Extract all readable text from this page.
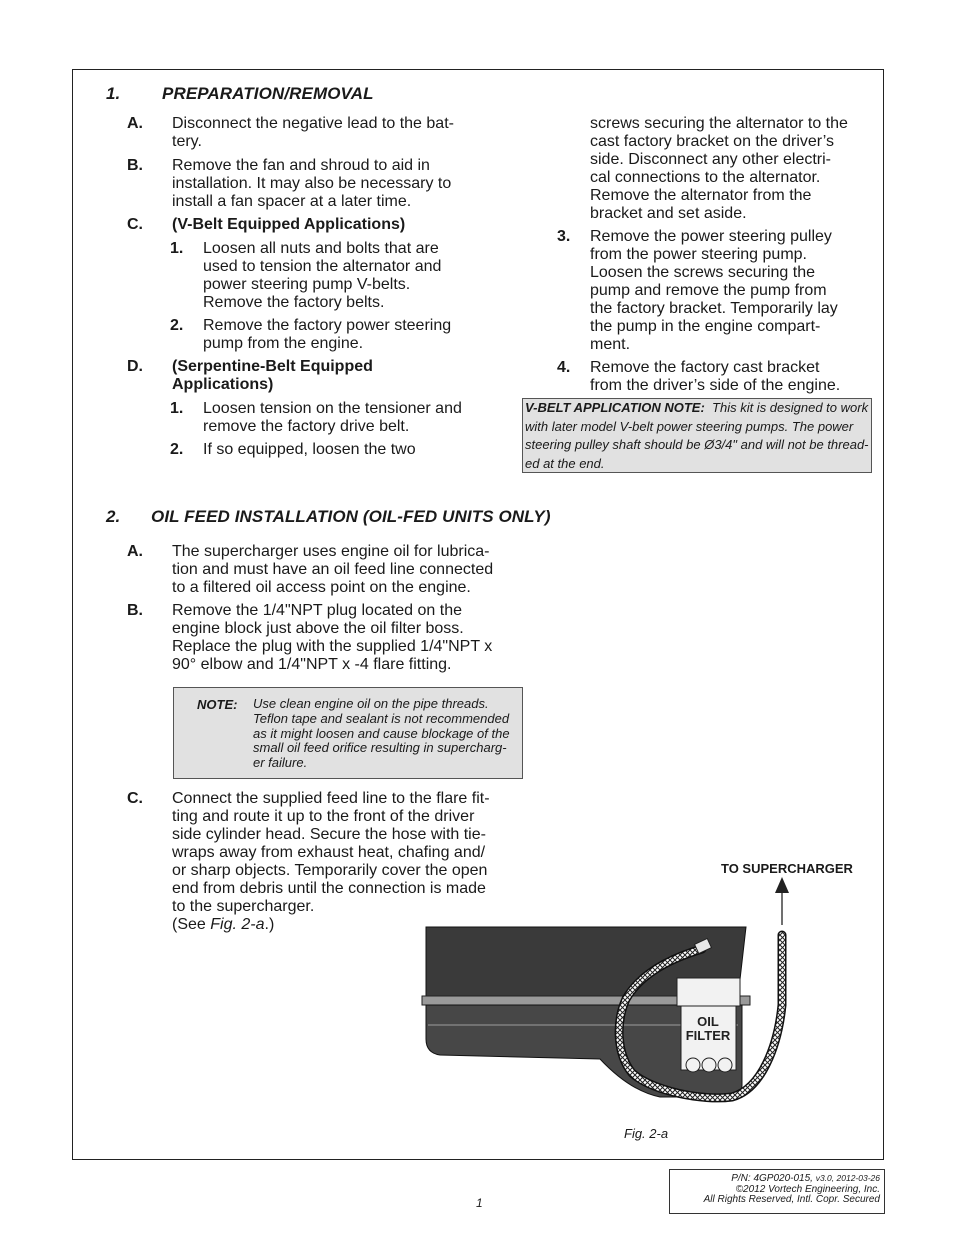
1. PREPARATION/REMOVAL
A. Disconnect the negative lead to the bat-
tery.
B. Remove the fan and shroud to aid in
installation. It may also be necessary to
install a fan spacer at a later time.
C. (V-Belt Equipped Applications)
1. Loosen all nuts and bolts that are
used to tension the alternator and
power steering pump V-belts.
Remove the factory belts.
2. Remove the factory power steering
pump from the engine.
D. (Serpentine-Belt Equipped
Applications)
1. Loosen tension on the tensioner and
remove the factory drive belt.
2. If so equipped, loosen the two
screws securing the alternator to the
cast factory bracket on the driver’s
side. Disconnect any other electri-
cal connections to the alternator.
Remove the alternator from the
bracket and set aside.
3. Remove the power steering pulley
from the power steering pump.
Loosen the screws securing the
pump and remove the pump from
the factory bracket. Temporarily lay
the pump in the engine compart-
ment.
4. Remove the factory cast bracket
from the driver’s side of the engine.
V-BELT APPLICATION NOTE: This kit is designed to work
with later model V-belt power steering pumps. The power
steering pulley shaft should be Ø3/4" and will not be thread-
ed at the end.
2. OIL FEED INSTALLATION (OIL-FED UNITS ONLY)
A. The supercharger uses engine oil for lubrica-
tion and must have an oil feed line connected
to a filtered oil access point on the engine.
B. Remove the 1/4"NPT plug located on the
engine block just above the oil filter boss.
Replace the plug with the supplied 1/4"NPT x
90° elbow and 1/4"NPT x -4 flare fitting.
NOTE: Use clean engine oil on the pipe threads.
Teflon tape and sealant is not recommended
as it might loosen and cause blockage of the
small oil feed orifice resulting in supercharg-
er failure.
C. Connect the supplied feed line to the flare fit-
ting and route it up to the front of the driver
side cylinder head. Secure the hose with tie-
wraps away from exhaust heat, chafing and/
or sharp objects. Temporarily cover the open
end from debris until the connection is made
to the supercharger.
(See Fig. 2-a.)
TO SUPERCHARGER
OIL
FILTER
Fig. 2-a
1
P/N: 4GP020-015, v3.0, 2012-03-26
©2012 Vortech Engineering, Inc.
All Rights Reserved, Intl. Copr. Secured
